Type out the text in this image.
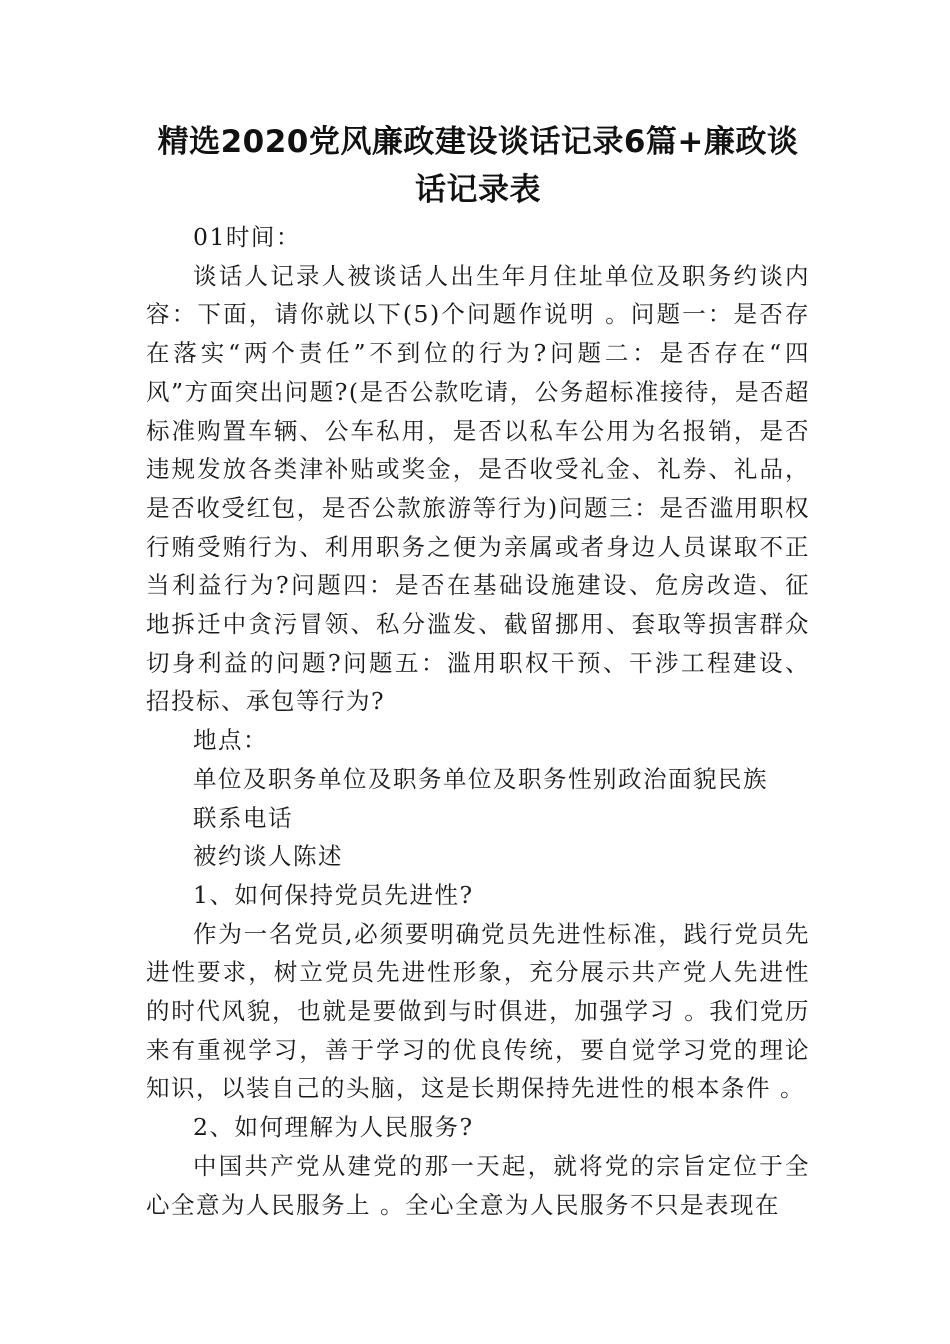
精选2020党风廉政建设谈话记录6篇+廉政谈话记录表

01时间：

谈话人记录人被谈话人出生年月住址单位及职务约谈内容：下面，请你就以下(5)个问题作说明 。问题一：是否存在落实“两个责任”不到位的行为?问题二：是否存在“四风”方面突出问题?(是否公款吃请，公务超标准接待，是否超标准购置车辆、公车私用，是否以私车公用为名报销，是否违规发放各类津补贴或奖金，是否收受礼金、礼券、礼品，是否收受红包，是否公款旅游等行为)问题三：是否滥用职权行贿受贿行为、利用职务之便为亲属或者身边人员谋取不正当利益行为?问题四：是否在基础设施建设、危房改造、征地拆迁中贪污冒领、私分滥发、截留挪用、套取等损害群众切身利益的问题?问题五：滥用职权干预、干涉工程建设、招投标、承包等行为?

地点：

单位及职务单位及职务单位及职务性别政治面貌民族

联系电话

被约谈人陈述

1、如何保持党员先进性?

作为一名党员,必须要明确党员先进性标准，践行党员先进性要求，树立党员先进性形象，充分展示共产党人先进性的时代风貌，也就是要做到与时俱进，加强学习 。我们党历来有重视学习，善于学习的优良传统，要自觉学习党的理论知识，以装自己的头脑，这是长期保持先进性的根本条件 。

2、如何理解为人民服务?

中国共产党从建党的那一天起，就将党的宗旨定位于全心全意为人民服务上 。全心全意为人民服务不只是表现在
